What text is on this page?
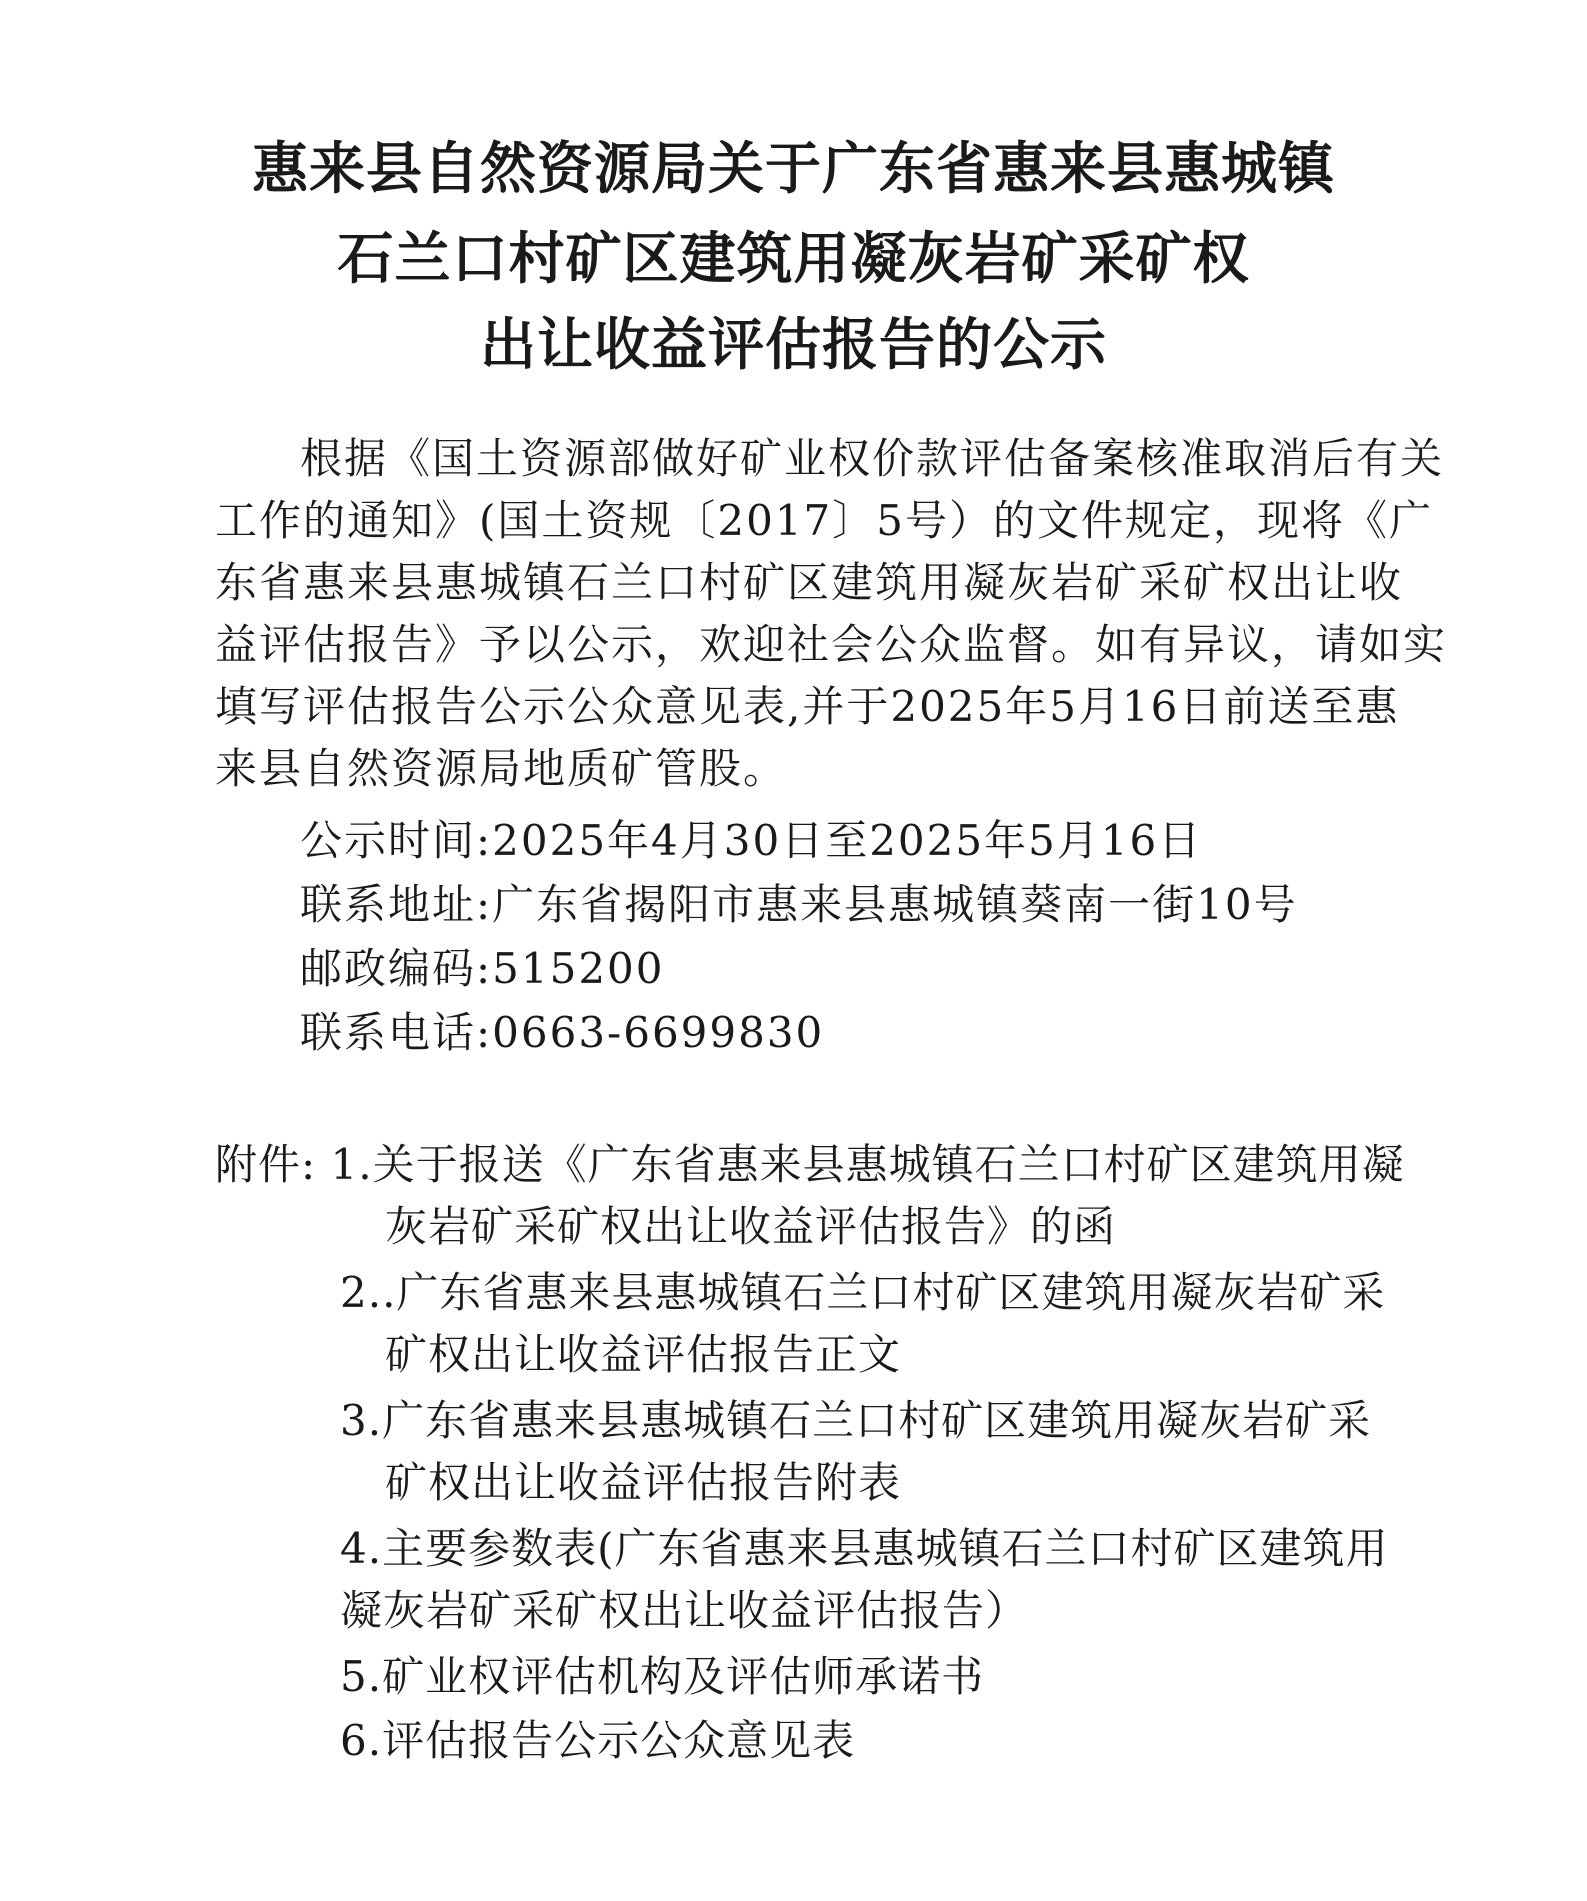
惠来县自然资源局关于广东省惠来县惠城镇
石兰口村矿区建筑用凝灰岩矿采矿权
出让收益评估报告的公示
根据《国土资源部做好矿业权价款评估备案核准取消后有关
工作的通知》(国土资规〔2017〕5号）的文件规定，现将《广
东省惠来县惠城镇石兰口村矿区建筑用凝灰岩矿采矿权出让收
益评估报告》予以公示，欢迎社会公众监督。如有异议，请如实
填写评估报告公示公众意见表,并于2025年5月16日前送至惠
来县自然资源局地质矿管股。
公示时间:2025年4月30日至2025年5月16日
联系地址:广东省揭阳市惠来县惠城镇葵南一街10号
邮政编码:515200
联系电话:0663-6699830
附件: 1.关于报送《广东省惠来县惠城镇石兰口村矿区建筑用凝
灰岩矿采矿权出让收益评估报告》的函
2..广东省惠来县惠城镇石兰口村矿区建筑用凝灰岩矿采
矿权出让收益评估报告正文
3.广东省惠来县惠城镇石兰口村矿区建筑用凝灰岩矿采
矿权出让收益评估报告附表
4.主要参数表(广东省惠来县惠城镇石兰口村矿区建筑用
凝灰岩矿采矿权出让收益评估报告）
5.矿业权评估机构及评估师承诺书
6.评估报告公示公众意见表
